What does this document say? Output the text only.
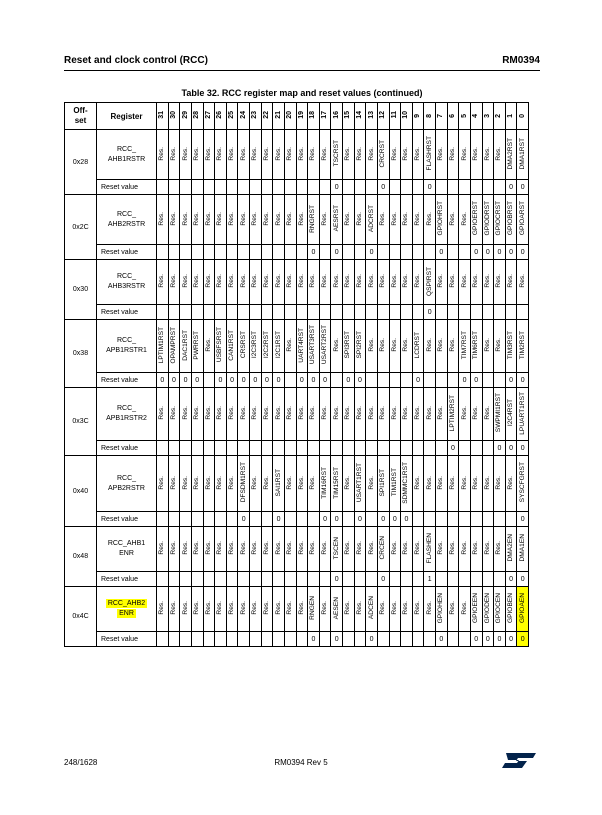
Reset and clock control (RCC)	RM0394
Table 32. RCC register map and reset values (continued)
Off-
set	Register	31	30	29	28	27	26	25	24	23	22	21	20	19	18	17	16	15	14	13	12	11	10	9	8	7	6	5	4	3	2	1	0
0x28	RCC_
AHB1RSTR	Res.	Res.	Res.	Res.	Res.	Res.	Res.	Res.	Res.	Res.	Res.	Res.	Res.	Res.	Res.	TSCRST	Res.	Res.	Res.	CRCRST	Res.	Res.	Res.	FLASHRST	Res.	Res.	Res.	Res.	Res.	Res.	DMA2RST	DMA1RST
	Reset value																0				0				0							0	0
0x2C	RCC_
AHB2RSTR	Res.	Res.	Res.	Res.	Res.	Res.	Res.	Res.	Res.	Res.	Res.	Res.	Res.	RNGRST	Res.	AESRST	Res.	Res.	ADCRST	Res.	Res.	Res.	Res.	Res.	GPIOHRST	Res.	Res.	GPIOERST	GPIODRST	GPIOCRST	GPIOBRST	GPIOARST
	Reset value														0		0			0						0			0	0	0	0	0
0x30	RCC_
AHB3RSTR	Res.	Res.	Res.	Res.	Res.	Res.	Res.	Res.	Res.	Res.	Res.	Res.	Res.	Res.	Res.	Res.	Res.	Res.	Res.	Res.	Res.	Res.	Res.	QSPIRST	Res.	Res.	Res.	Res.	Res.	Res.	Res.	Res.
	Reset value																								0								
0x38	RCC_
APB1RSTR1	LPTIM1RST	OPAMPRST	DAC1RST	PWRRST	Res.	USBFSRST	CAN1RST	CRSRST	I2C3RST	I2C2RST	I2C1RST	Res.	UART4RST	USART3RST	USART2RST	Res.	SPI3RST	SPI2RST	Res.	Res.	Res.	Res.	LCDRST	Res.	Res.	Res.	TIM7RST	TIM6RST	Res.	Res.	TIM3RST	TIM2RST
	Reset value	0	0	0	0		0	0	0	0	0	0		0	0	0		0	0					0				0	0			0	0
0x3C	RCC_
APB1RSTR2	Res.	Res.	Res.	Res.	Res.	Res.	Res.	Res.	Res.	Res.	Res.	Res.	Res.	Res.	Res.	Res.	Res.	Res.	Res.	Res.	Res.	Res.	Res.	Res.	Res.	LPTIM2RST	Res.	Res.	Res.	SWPMI1RST	I2C4RST	LPUART1RST
	Reset value																										0				0	0	0
0x40	RCC_
APB2RSTR	Res.	Res.	Res.	Res.	Res.	Res.	Res.	DFSDM1RST	Res.	Res.	SAI1RST	Res.	Res.	Res.	TIM16RST	TIM15RST	Res.	USART1RST	Res.	SPI1RST	TIM1RST	SDMMC1RST	Res.	Res.	Res.	Res.	Res.	Res.	Res.	Res.	Res.	SYSCFGRST
	Reset value								0			0				0	0		0		0	0	0										0
0x48	RCC_AHB1
ENR	Res.	Res.	Res.	Res.	Res.	Res.	Res.	Res.	Res.	Res.	Res.	Res.	Res.	Res.	Res.	TSCEN	Res.	Res.	Res.	CRCEN	Res.	Res.	Res.	FLASHEN	Res.	Res.	Res.	Res.	Res.	Res.	DMA2EN	DMA1EN
	Reset value																0				0				1							0	0
0x4C	RCC_AHB2
ENR	Res.	Res.	Res.	Res.	Res.	Res.	Res.	Res.	Res.	Res.	Res.	Res.	Res.	RNGEN	Res.	AESEN	Res.	Res.	ADCEN	Res.	Res.	Res.	Res.	Res.	GPIOHEN	Res.	Res.	GPIOEEN	GPIODEN	GPIOCEN	GPIOBEN	GPIOAEN
	Reset value														0		0			0						0			0	0	0	0	0
248/1628	RM0394 Rev 5
